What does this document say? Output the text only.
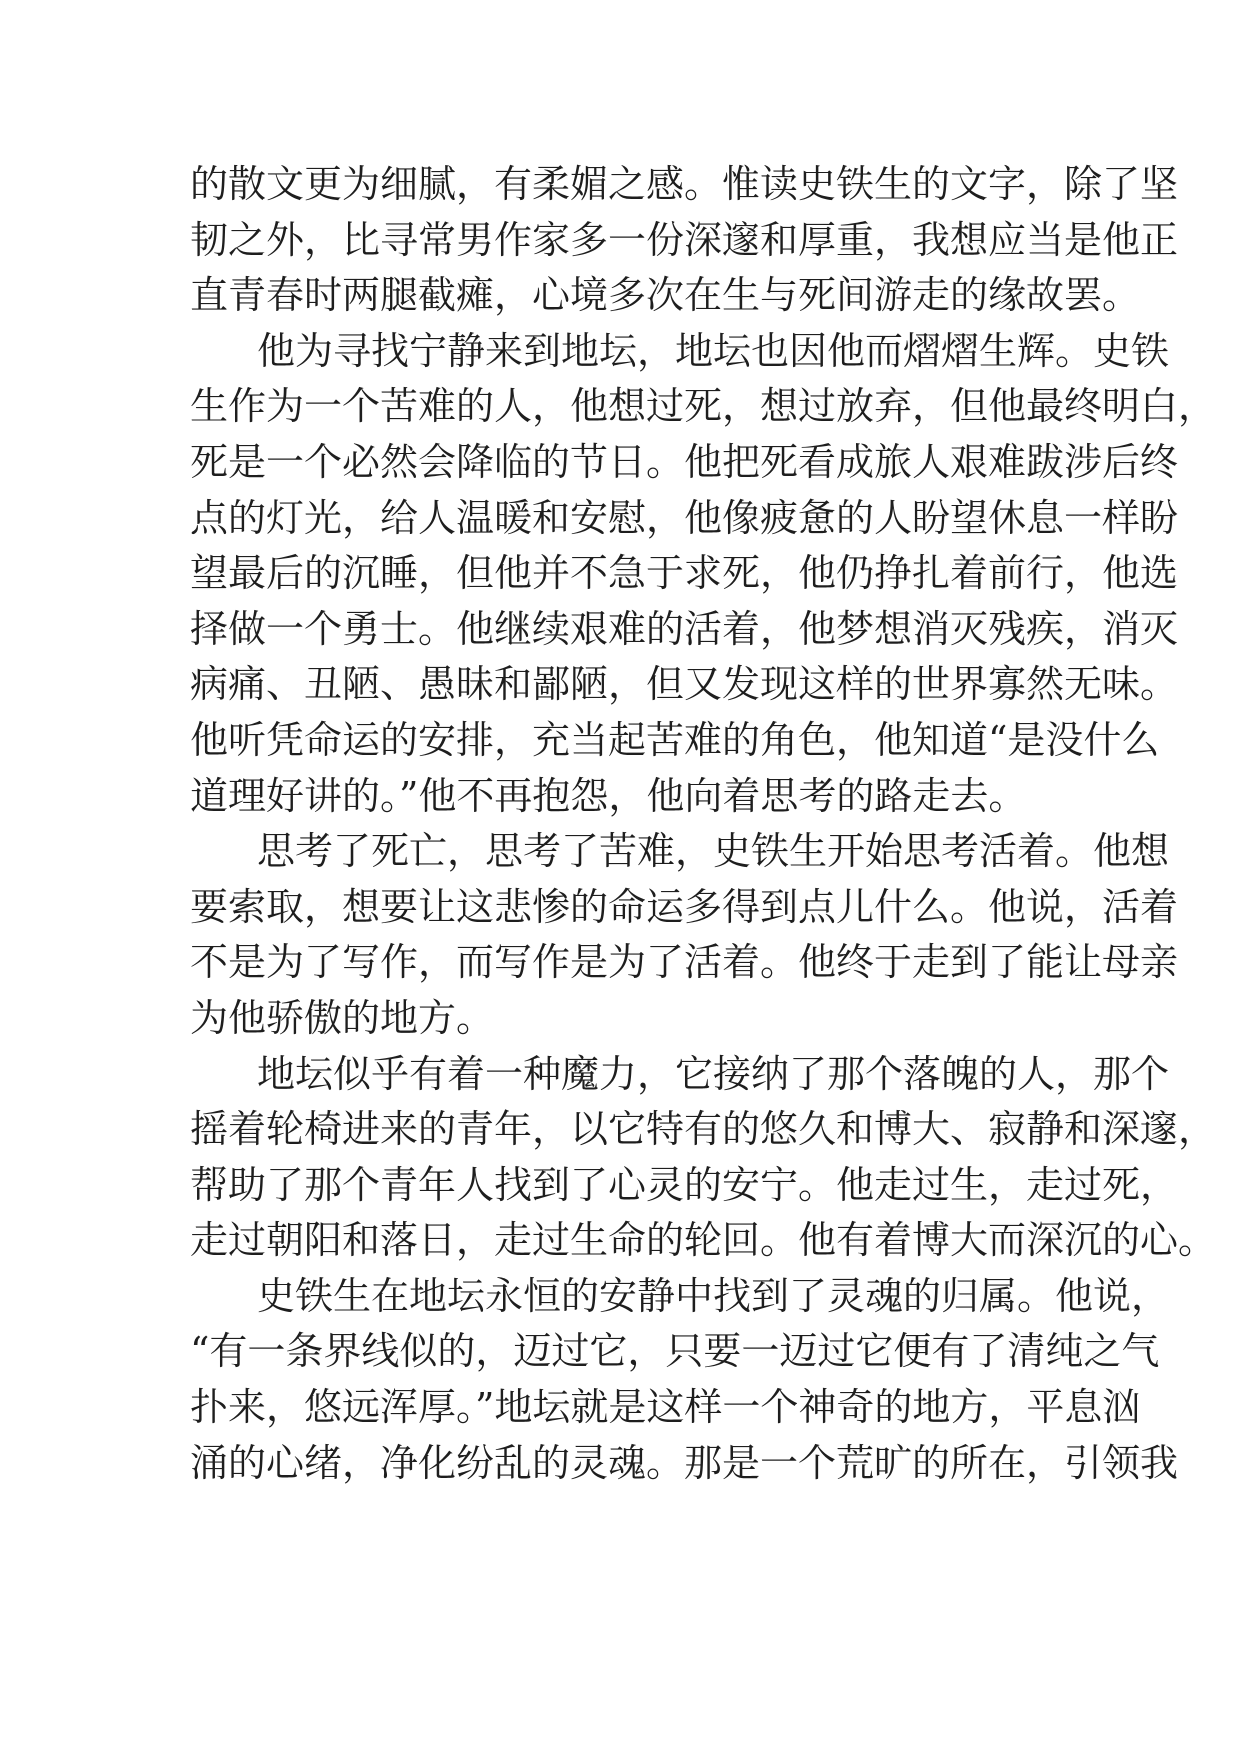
的散文更为细腻，有柔媚之感。惟读史铁生的文字，除了坚
韧之外，比寻常男作家多一份深邃和厚重，我想应当是他正
直青春时两腿截瘫，心境多次在生与死间游走的缘故罢。
他为寻找宁静来到地坛，地坛也因他而熠熠生辉。史铁
生作为一个苦难的人，他想过死，想过放弃，但他最终明白，
死是一个必然会降临的节日。他把死看成旅人艰难跋涉后终
点的灯光，给人温暖和安慰，他像疲惫的人盼望休息一样盼
望最后的沉睡，但他并不急于求死，他仍挣扎着前行，他选
择做一个勇士。他继续艰难的活着，他梦想消灭残疾，消灭
病痛、丑陋、愚昧和鄙陋，但又发现这样的世界寡然无味。
他听凭命运的安排，充当起苦难的角色，他知道“是没什么
道理好讲的。”他不再抱怨，他向着思考的路走去。
思考了死亡，思考了苦难，史铁生开始思考活着。他想
要索取，想要让这悲惨的命运多得到点儿什么。他说，活着
不是为了写作，而写作是为了活着。他终于走到了能让母亲
为他骄傲的地方。
地坛似乎有着一种魔力，它接纳了那个落魄的人，那个
摇着轮椅进来的青年，以它特有的悠久和博大、寂静和深邃，
帮助了那个青年人找到了心灵的安宁。他走过生，走过死，
走过朝阳和落日，走过生命的轮回。他有着博大而深沉的心。
史铁生在地坛永恒的安静中找到了灵魂的归属。他说，
“有一条界线似的，迈过它，只要一迈过它便有了清纯之气
扑来，悠远浑厚。”地坛就是这样一个神奇的地方，平息汹
涌的心绪，净化纷乱的灵魂。那是一个荒旷的所在，引领我
